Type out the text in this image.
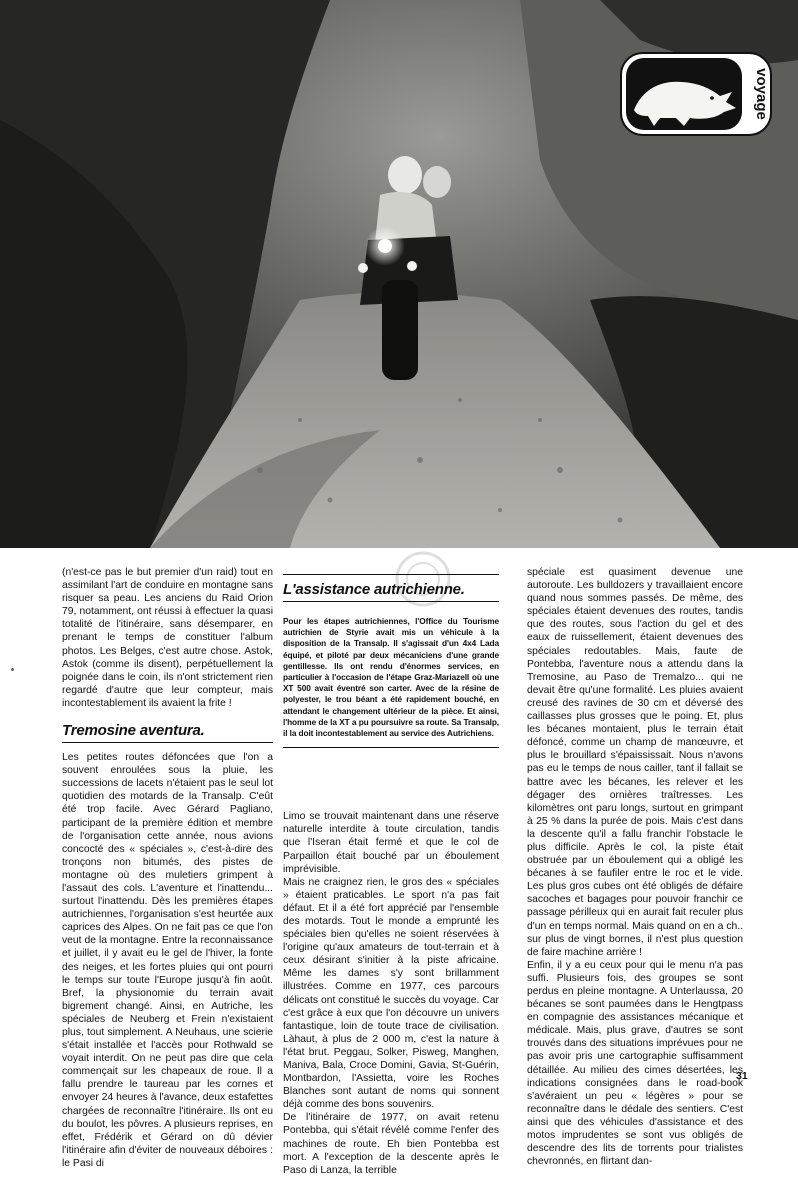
voyage

(n'est-ce pas le but premier d'un raid) tout en assimilant l'art de conduire en montagne sans risquer sa peau. Les anciens du Raid Orion 79, notamment, ont réussi à effectuer la quasi totalité de l'itinéraire, sans désemparer, en prenant le temps de constituer l'album photos. Les Belges, c'est autre chose. Astok, Astok (comme ils disent), perpétuellement la poignée dans le coin, ils n'ont strictement rien regardé d'autre que leur compteur, mais incontestablement ils avaient la frite !

Tremosine aventura.

Les petites routes défoncées que l'on a souvent enroulées sous la pluie, les successions de lacets n'étaient pas le seul lot quotidien des motards de la Transalp. C'eût été trop facile. Avec Gérard Pagliano, participant de la première édition et membre de l'organisation cette année, nous avions concocté des « spéciales », c'est-à-dire des tronçons non bitumés, des pistes de montagne où des muletiers grimpent à l'assaut des cols. L'aventure et l'inattendu... surtout l'inattendu. Dès les premières étapes autrichiennes, l'organisation s'est heurtée aux caprices des Alpes. On ne fait pas ce que l'on veut de la montagne. Entre la reconnaissance et juillet, il y avait eu le gel de l'hiver, la fonte des neiges, et les fortes pluies qui ont pourri le temps sur toute l'Europe jusqu'à fin août. Bref, la physionomie du terrain avait bigrement changé. Ainsi, en Autriche, les spéciales de Neuberg et Frein n'existaient plus, tout simplement. A Neuhaus, une scierie s'était installée et l'accès pour Rothwald se voyait interdit. On ne peut pas dire que cela commençait sur les chapeaux de roue. Il a fallu prendre le taureau par les cornes et envoyer 24 heures à l'avance, deux estafettes chargées de reconnaître l'itinéraire. Ils ont eu du boulot, les pôvres. A plusieurs reprises, en effet, Frédérik et Gérard on dû dévier l'itinéraire afin d'éviter de nouveaux déboires : le Pasi di

L'assistance autrichienne.
Pour les étapes autrichiennes, l'Office du Tourisme autrichien de Styrie avait mis un véhicule à la disposition de la Transalp. Il s'agissait d'un 4x4 Lada équipé, et piloté par deux mécaniciens d'une grande gentillesse. Ils ont rendu d'énormes services, en particulier à l'occasion de l'étape Graz-Mariazell où une XT 500 avait éventré son carter. Avec de la résine de polyester, le trou béant a été rapidement bouché, en attendant le changement ultérieur de la pièce. Et ainsi, l'homme de la XT a pu poursuivre sa route. Sa Transalp, il la doit incontestablement au service des Autrichiens.

Limo se trouvait maintenant dans une réserve naturelle interdite à toute circulation, tandis que l'Iseran était fermé et que le col de Parpaillon était bouché par un éboulement imprévisible.

Mais ne craignez rien, le gros des « spéciales » étaient praticables. Le sport n'a pas fait défaut. Et il a été fort apprécié par l'ensemble des motards. Tout le monde a emprunté les spéciales bien qu'elles ne soient réservées à l'origine qu'aux amateurs de tout-terrain et à ceux désirant s'initier à la piste africaine. Même les dames s'y sont brillamment illustrées. Comme en 1977, ces parcours délicats ont constitué le succès du voyage. Car c'est grâce à eux que l'on découvre un univers fantastique, loin de toute trace de civilisation. Làhaut, à plus de 2 000 m, c'est la nature à l'état brut. Peggau, Solker, Pisweg, Manghen, Maniva, Bala, Croce Domini, Gavia, St-Guérin, Montbardon, l'Assietta, voire les Roches Blanches sont autant de noms qui sonnent déjà comme des bons souvenirs.

De l'itinéraire de 1977, on avait retenu Pontebba, qui s'était révélé comme l'enfer des machines de route. Eh bien Pontebba est mort. A l'exception de la descente après le Paso di Lanza, la terrible

spéciale est quasiment devenue une autoroute. Les bulldozers y travaillaient encore quand nous sommes passés. De même, des spéciales étaient devenues des routes, tandis que des routes, sous l'action du gel et des eaux de ruissellement, étaient devenues des spéciales redoutables. Mais, faute de Pontebba, l'aventure nous a attendu dans la Tremosine, au Paso de Tremalzo... qui ne devait être qu'une formalité. Les pluies avaient creusé des ravines de 30 cm et déversé des caillasses plus grosses que le poing. Et, plus les bécanes montaient, plus le terrain était défoncé, comme un champ de manœuvre, et plus le brouillard s'épaississait. Nous n'avons pas eu le temps de nous cailler, tant il fallait se battre avec les bécanes, les relever et les dégager des ornières traîtresses. Les kilomètres ont paru longs, surtout en grimpant à 25 % dans la purée de pois. Mais c'est dans la descente qu'il a fallu franchir l'obstacle le plus difficile. Après le col, la piste était obstruée par un éboulement qui a obligé les bécanes à se faufiler entre le roc et le vide. Les plus gros cubes ont été obligés de défaire sacoches et bagages pour pouvoir franchir ce passage périlleux qui en aurait fait reculer plus d'un en temps normal. Mais quand on en a ch.. sur plus de vingt bornes, il n'est plus question de faire machine arrière !

Enfin, il y a eu ceux pour qui le menu n'a pas suffi. Plusieurs fois, des groupes se sont perdus en pleine montagne. A Unterlaussa, 20 bécanes se sont paumées dans le Hengtpass en compagnie des assistances mécanique et médicale. Mais, plus grave, d'autres se sont trouvés dans des situations imprévues pour ne pas avoir pris une cartographie suffisamment détaillée. Au milieu des cimes désertées, les indications consignées dans le road-book s'avéraient un peu « légères » pour se reconnaître dans le dédale des sentiers. C'est ainsi que des véhicules d'assistance et des motos imprudentes se sont vus obligés de descendre des lits de torrents pour trialistes chevronnés, en flirtant dan-

31
